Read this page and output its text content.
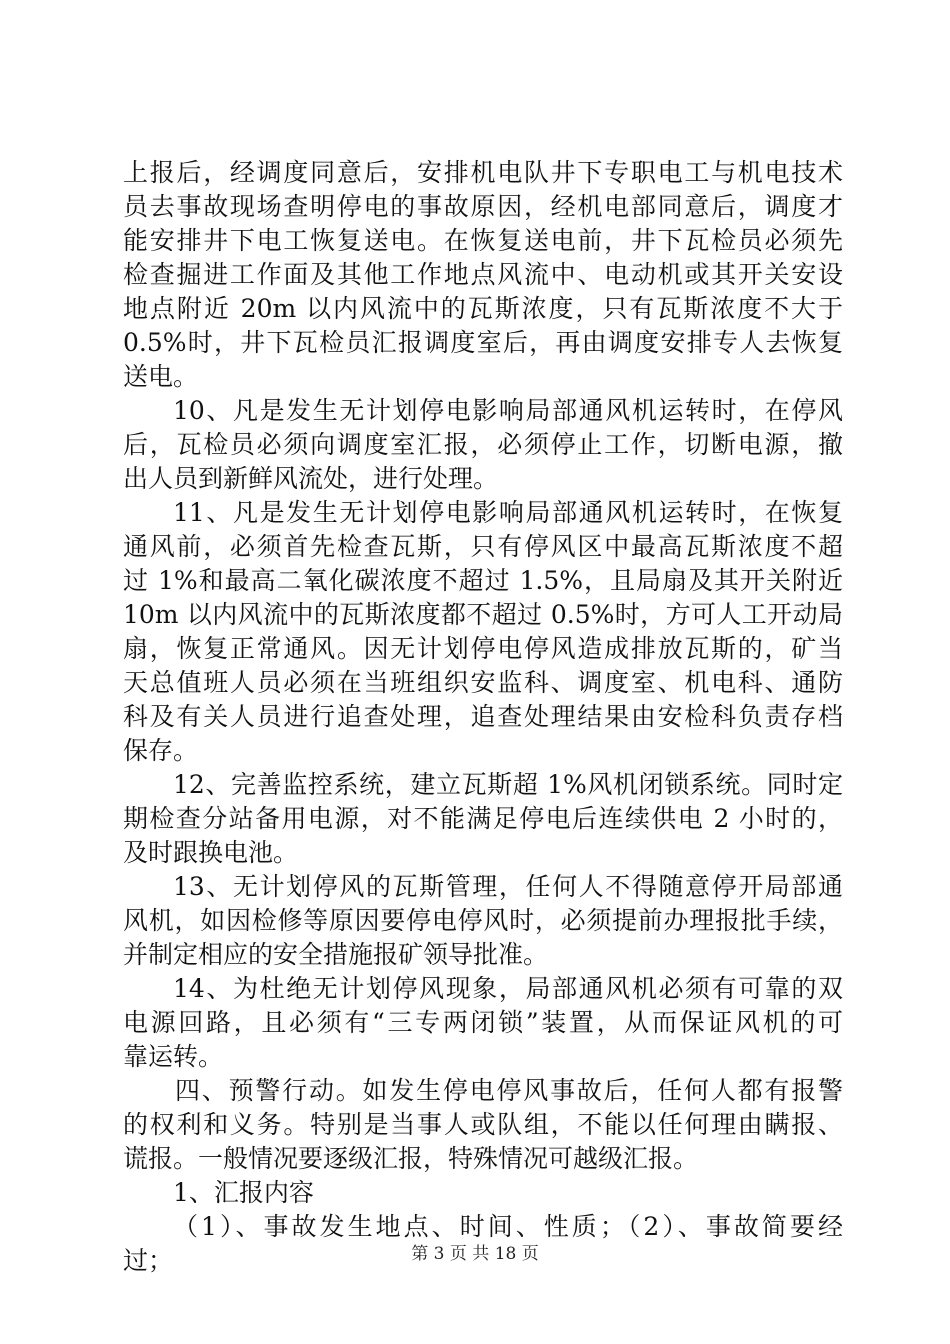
上报后，经调度同意后，安排机电队井下专职电工与机电技术
员去事故现场查明停电的事故原因，经机电部同意后，调度才
能安排井下电工恢复送电。在恢复送电前，井下瓦检员必须先
检查掘进工作面及其他工作地点风流中、电动机或其开关安设
地点附近 20m 以内风流中的瓦斯浓度，只有瓦斯浓度不大于
0.5%时，井下瓦检员汇报调度室后，再由调度安排专人去恢复
送电。
10、凡是发生无计划停电影响局部通风机运转时，在停风
后，瓦检员必须向调度室汇报，必须停止工作，切断电源，撤
出人员到新鲜风流处，进行处理。
11、凡是发生无计划停电影响局部通风机运转时，在恢复
通风前，必须首先检查瓦斯，只有停风区中最高瓦斯浓度不超
过 1%和最高二氧化碳浓度不超过 1.5%，且局扇及其开关附近
10m 以内风流中的瓦斯浓度都不超过 0.5%时，方可人工开动局
扇，恢复正常通风。因无计划停电停风造成排放瓦斯的，矿当
天总值班人员必须在当班组织安监科、调度室、机电科、通防
科及有关人员进行追查处理，追查处理结果由安检科负责存档
保存。
12、完善监控系统，建立瓦斯超 1%风机闭锁系统。同时定
期检查分站备用电源，对不能满足停电后连续供电 2 小时的，
及时跟换电池。
13、无计划停风的瓦斯管理，任何人不得随意停开局部通
风机，如因检修等原因要停电停风时，必须提前办理报批手续，
并制定相应的安全措施报矿领导批准。
14、为杜绝无计划停风现象，局部通风机必须有可靠的双
电源回路，且必须有“三专两闭锁”装置，从而保证风机的可
靠运转。
四、预警行动。如发生停电停风事故后，任何人都有报警
的权利和义务。特别是当事人或队组，不能以任何理由瞒报、
谎报。一般情况要逐级汇报，特殊情况可越级汇报。
1、汇报内容
（1）、事故发生地点、时间、性质；（2）、事故简要经
过；	第 3 页 共 18 页
